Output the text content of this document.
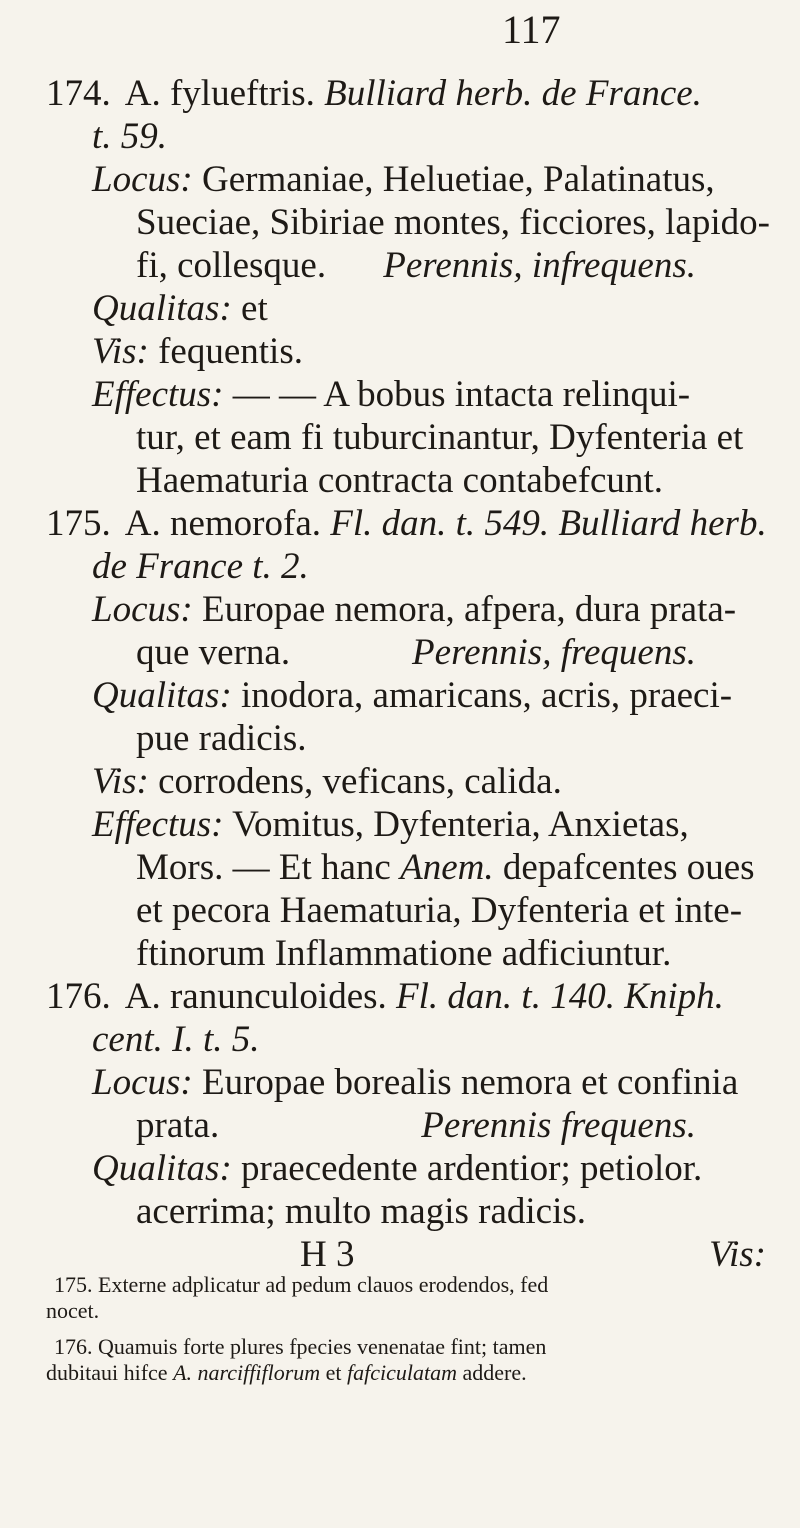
117
174. A. fylueftris. Bulliard herb. de France.
t. 59.
Locus: Germaniae, Heluetiae, Palatinatus,
Sueciae, Sibiriae montes, ficciores, lapido-
fi, collesque. Perennis, infrequens.
Qualitas: et
Vis: fequentis.
Effectus: — — A bobus intacta relinqui-
tur, et eam fi tuburcinantur, Dyfenteria et
Haematuria contracta contabefcunt.
175. A. nemorofa. Fl. dan. t. 549. Bulliard herb.
de France t. 2.
Locus: Europae nemora, afpera, dura prata-
que verna.	Perennis, frequens.
Qualitas: inodora, amaricans, acris, praeci-
pue radicis.
Vis: corrodens, veficans, calida.
Effectus: Vomitus, Dyfenteria, Anxietas,
Mors. — Et hanc Anem. depafcentes oues
et pecora Haematuria, Dyfenteria et inte-
ftinorum Inflammatione adficiuntur.
176. A. ranunculoides. Fl. dan. t. 140. Kniph.
cent. I. t. 5.
Locus: Europae borealis nemora et confinia
prata.	Perennis frequens.
Qualitas: praecedente ardentior; petiolor.
acerrima; multo magis radicis.
H 3	Vis:
175. Externe adplicatur ad pedum clauos erodendos, fed
nocet.
176. Quamuis forte plures fpecies venenatae fint; tamen
dubitaui hifce A. narciffiflorum et fafciculatam addere.
